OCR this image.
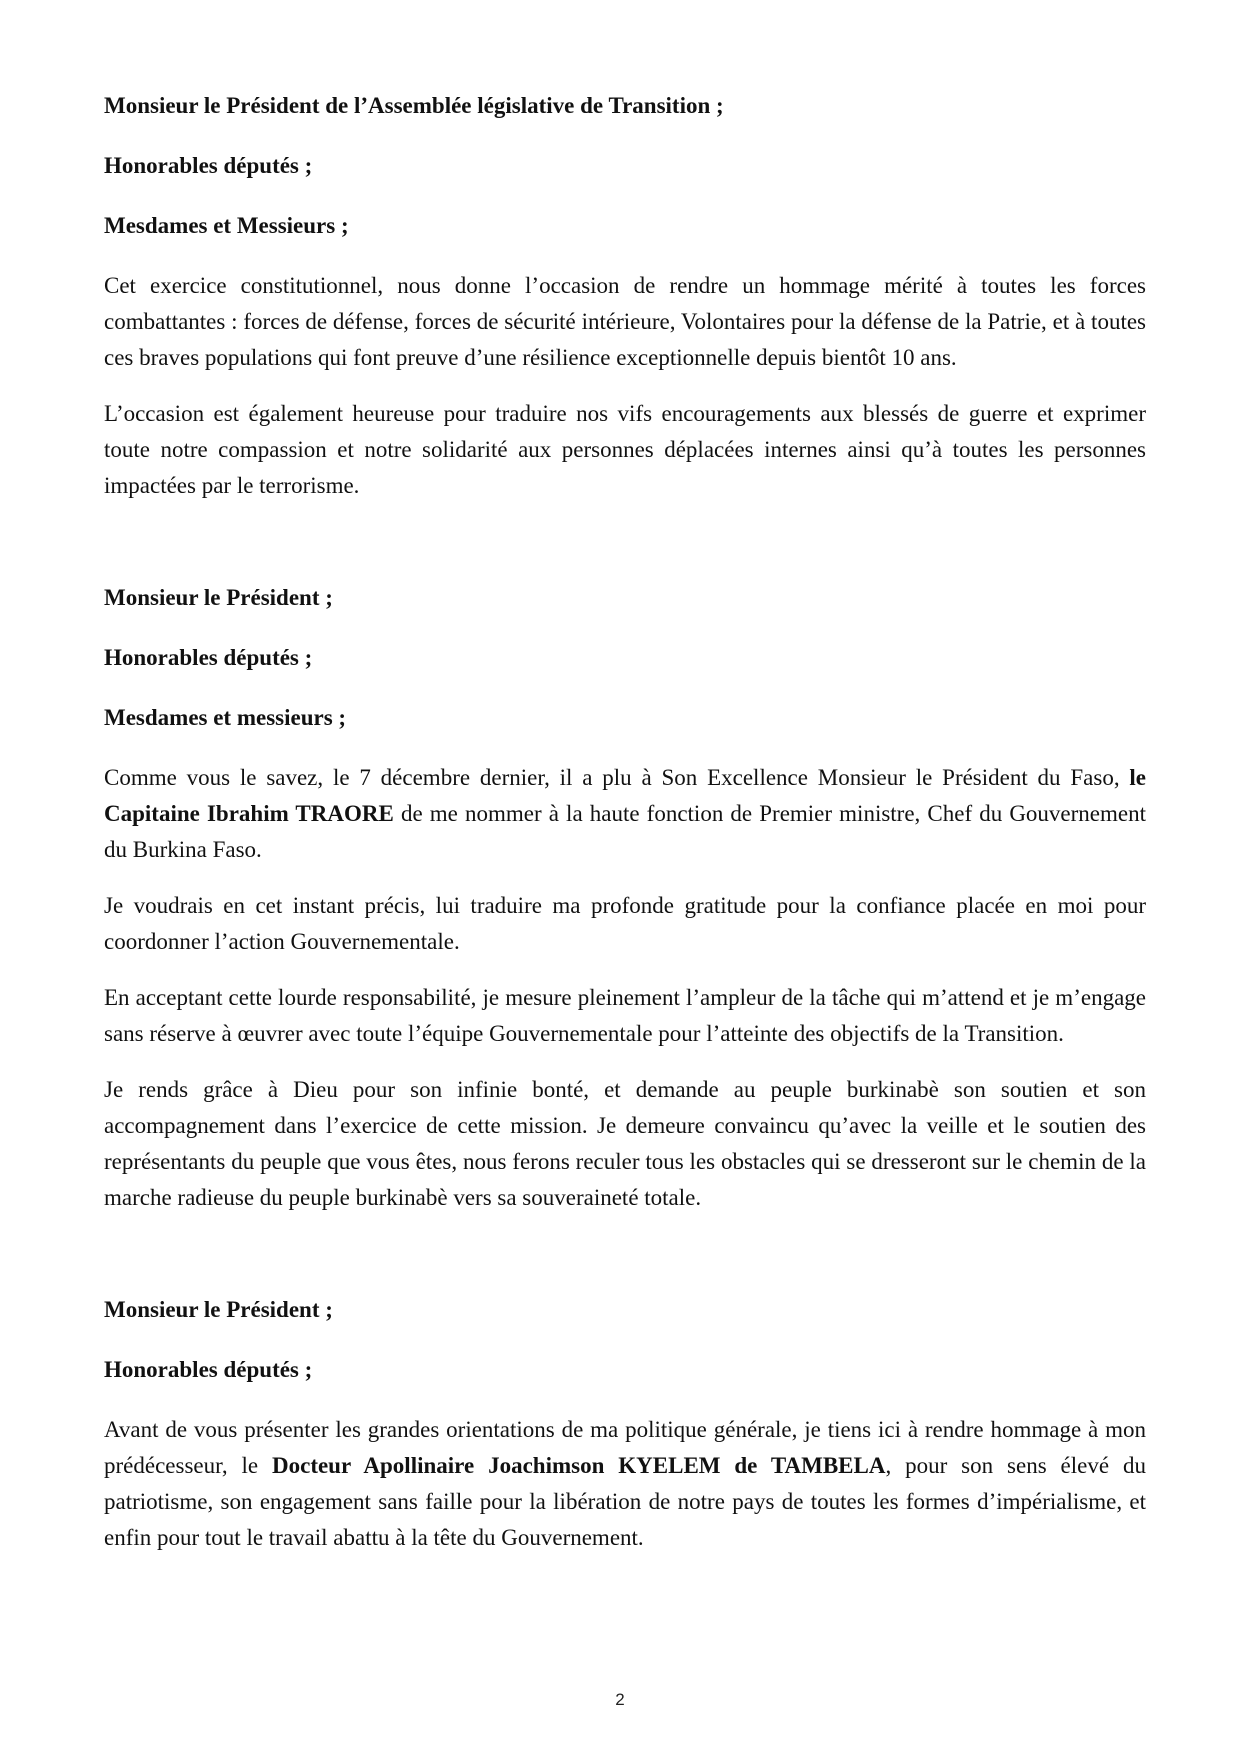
Monsieur le Président de l’Assemblée législative de Transition ;

Honorables députés ;

Mesdames et Messieurs ;

Cet exercice constitutionnel, nous donne l’occasion de rendre un hommage mérité à toutes les forces combattantes : forces de défense, forces de sécurité intérieure, Volontaires pour la défense de la Patrie, et à toutes ces braves populations qui font preuve d’une résilience exceptionnelle depuis bientôt 10 ans.

L’occasion est également heureuse pour traduire nos vifs encouragements aux blessés de guerre et exprimer toute notre compassion et notre solidarité aux personnes déplacées internes ainsi qu’à toutes les personnes impactées par le terrorisme.

Monsieur le Président ;

Honorables députés ;

Mesdames et messieurs ;

Comme vous le savez, le 7 décembre dernier, il a plu à Son Excellence Monsieur le Président du Faso, le Capitaine Ibrahim TRAORE de me nommer à la haute fonction de Premier ministre, Chef du Gouvernement du Burkina Faso.

Je voudrais en cet instant précis, lui traduire ma profonde gratitude pour la confiance placée en moi pour coordonner l’action Gouvernementale.

En acceptant cette lourde responsabilité, je mesure pleinement l’ampleur de la tâche qui m’attend et je m’engage sans réserve à œuvrer avec toute l’équipe Gouvernementale pour l’atteinte des objectifs de la Transition.

Je rends grâce à Dieu pour son infinie bonté, et demande au peuple burkinabè son soutien et son accompagnement dans l’exercice de cette mission. Je demeure convaincu qu’avec la veille et le soutien des représentants du peuple que vous êtes, nous ferons reculer tous les obstacles qui se dresseront sur le chemin de la marche radieuse du peuple burkinabè vers sa souveraineté totale.

Monsieur le Président ;

Honorables députés ;

Avant de vous présenter les grandes orientations de ma politique générale, je tiens ici à rendre hommage à mon prédécesseur, le Docteur Apollinaire Joachimson KYELEM de TAMBELA, pour son sens élevé du patriotisme, son engagement sans faille pour la libération de notre pays de toutes les formes d’impérialisme, et enfin pour tout le travail abattu à la tête du Gouvernement.

2
